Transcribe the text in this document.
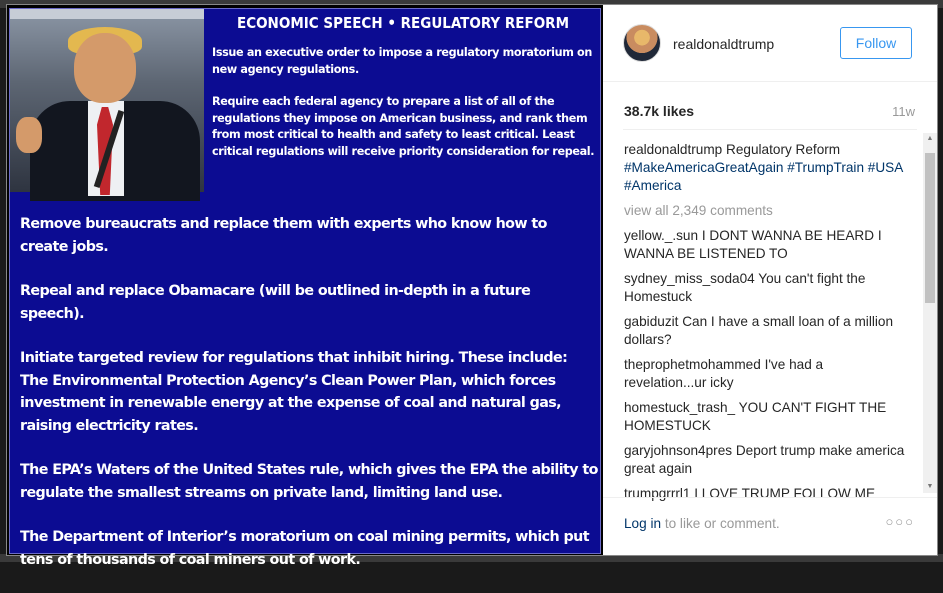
ECONOMIC SPEECH • REGULATORY REFORM

Issue an executive order to impose a regulatory moratorium on new agency regulations.

Require each federal agency to prepare a list of all of the regulations they impose on American business, and rank them from most critical to health and safety to least critical. Least critical regulations will receive priority consideration for repeal.

Remove bureaucrats and replace them with experts who know how to create jobs.

Repeal and replace Obamacare (will be outlined in-depth in a future speech).

Initiate targeted review for regulations that inhibit hiring. These include: The Environmental Protection Agency’s Clean Power Plan, which forces investment in renewable energy at the expense of coal and natural gas, raising electricity rates.

The EPA’s Waters of the United States rule, which gives the EPA the ability to regulate the smallest streams on private land, limiting land use.

The Department of Interior’s moratorium on coal mining permits, which put tens of thousands of coal miners out of work.

realdonaldtrump	Follow
38.7k likes	11w
realdonaldtrump Regulatory Reform #MakeAmericaGreatAgain #TrumpTrain #USA #America
view all 2,349 comments
yellow._.sun I DONT WANNA BE HEARD I WANNA BE LISTENED TO
sydney_miss_soda04 You can't fight the Homestuck
gabiduzit Can I have a small loan of a million dollars?
theprophetmohammed I've had a revelation...ur icky
homestuck_trash_ YOU CAN'T FIGHT THE HOMESTUCK
garyjohnson4pres Deport trump make america great again
trumpgrrrl1 I LOVE TRUMP FOLLOW ME
▲
▼
Log in to like or comment.	○○○
